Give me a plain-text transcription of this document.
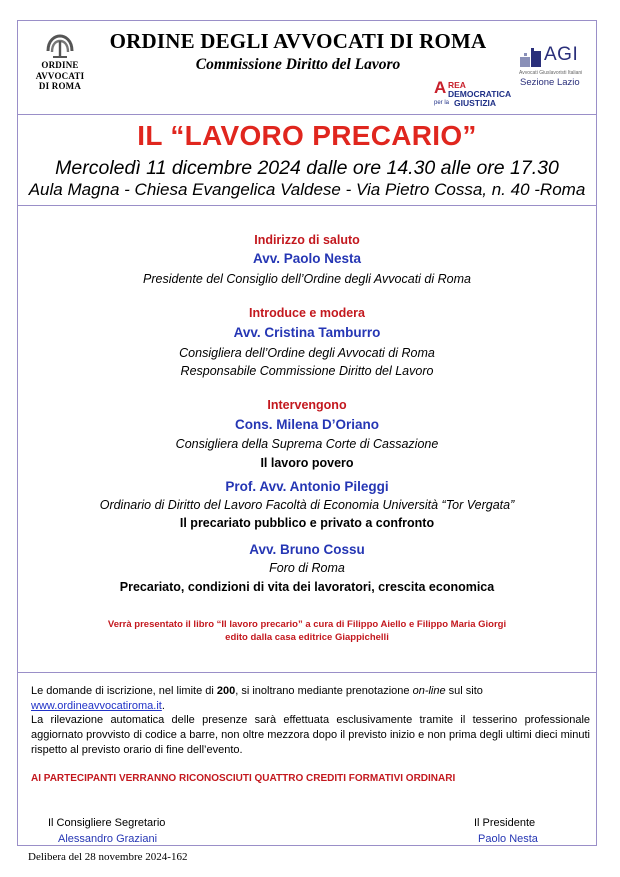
ORDINE
AVVOCATI
DI ROMA
ORDINE DEGLI AVVOCATI DI ROMA
Commissione Diritto del Lavoro	AGI
Avvocati Giuslavoristi Italiani
Sezione Lazio
A REA
DEMOCRATICA
per la GIUSTIZIA
IL “LAVORO PRECARIO”
Mercoledì 11 dicembre 2024 dalle ore 14.30 alle ore 17.30
Aula Magna - Chiesa Evangelica Valdese - Via Pietro Cossa, n. 40 -Roma
Indirizzo di saluto
Avv. Paolo Nesta
Presidente del Consiglio dell’Ordine degli Avvocati di Roma
Introduce e modera
Avv. Cristina Tamburro
Consigliera dell’Ordine degli Avvocati di Roma
Responsabile Commissione Diritto del Lavoro
Intervengono
Cons. Milena D’Oriano
Consigliera della Suprema Corte di Cassazione
Il lavoro povero
Prof. Avv. Antonio Pileggi
Ordinario di Diritto del Lavoro Facoltà di Economia Università “Tor Vergata”
Il precariato pubblico e privato a confronto
Avv. Bruno Cossu
Foro di Roma
Precariato, condizioni di vita dei lavoratori, crescita economica
Verrà presentato il libro “Il lavoro precario” a cura di Filippo Aiello e Filippo Maria Giorgi
edito dalla casa editrice Giappichelli

Le domande di iscrizione, nel limite di 200, si inoltrano mediante prenotazione on-line sul sito
www.ordineavvocatiroma.it.

La rilevazione automatica delle presenze sarà effettuata esclusivamente tramite il tesserino professionale aggiornato provvisto di codice a barre, non oltre mezzora dopo il previsto inizio e non prima degli ultimi dieci minuti rispetto al previsto orario di fine dell’evento.

AI PARTECIPANTI VERRANNO RICONOSCIUTI QUATTRO CREDITI FORMATIVI ORDINARI
Il Consigliere Segretario
Alessandro Graziani
Il Presidente
Paolo Nesta
Delibera del 28 novembre 2024-162
